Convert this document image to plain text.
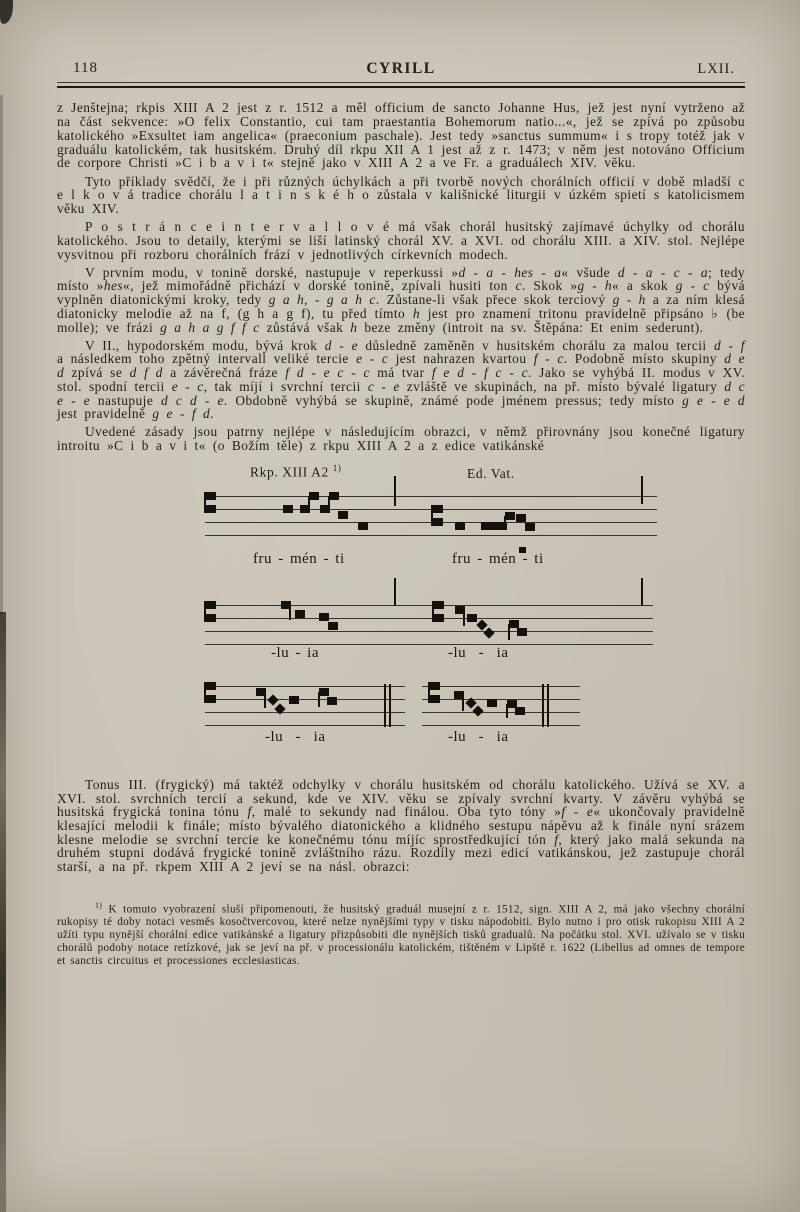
118	CYRILL	LXII.

z Jenštejna; rkpis XIII A 2 jest z r. 1512 a měl officium de sancto Johanne Hus, jež jest nyní vytrženo až na část sekvence: »O felix Constantio, cui tam praestantia Bohemorum natio...«, jež se zpívá po způsobu katolického »Exsultet iam angelica« (praeconium paschale). Jest tedy »sanctus summum« i s tropy totéž jak v graduálu katolickém, tak husitském. Druhý díl rkpu XII A 1 jest až z r. 1473; v něm jest notováno Officium de corpore Christi »C i b a v i t« stejně jako v XIII A 2 a ve Fr. a graduálech XIV. věku.

Tyto příklady svědčí, že i při různých úchylkách a při tvorbě nových chorálních officií v době mladší c e l k o v á tradice chorálu l a t i n s k é h o zůstala v kališnické liturgii v úzkém spietí s katolicismem věku XIV.

P o s t r á n c e i n t e r v a l l o v é má však chorál husitský zajímavé úchylky od chorálu katolického. Jsou to detaily, kterými se liší latinský chorál XV. a XVI. od chorálu XIII. a XIV. stol. Nejlépe vysvitnou při rozboru chorálních frází v jednotlivých církevních modech.

V prvním modu, v tonině dorské, nastupuje v reperkussi »d - a - hes - a« všude d - a - c - a; tedy místo »hes«, jež mimořádně přichází v dorské tonině, zpívali husiti ton c. Skok »g - h« a skok g - c bývá vyplněn diatonickými kroky, tedy g a h, - g a h c. Zůstane-li však přece skok terciový g - h a za ním klesá diatonicky melodie až na f, (g h a g f), tu před tímto h jest pro znamení tritonu pravidelně připsáno ♭ (be molle); ve frázi g a h a g f f c zůstává však h beze změny (introit na sv. Štěpána: Et enim sederunt).

V II., hypodorském modu, bývá krok d - e důsledně zaměněn v husitském chorálu za malou tercii d - f a následkem toho zpětný intervall veliké tercie e - c jest nahrazen kvartou f - c. Podobně místo skupiny d e d zpívá se d f d a závěrečná fráze f d - e c - c má tvar f e d - f c - c. Jako se vyhýbá II. modus v XV. stol. spodní tercii e - c, tak míjí i svrchní tercii c - e zvláště ve skupinách, na př. místo bývalé ligatury d c e - e nastupuje d c d - e. Obdobně vyhýbá se skupině, známé pode jménem pressus; tedy místo g e - e d jest pravidelně g e - f d.

Uvedené zásady jsou patrny nejlépe v následujícím obrazci, v němž přirovnány jsou konečné ligatury introitu »C i b a v i t« (o Božím těle) z rkpu XIII A 2 a z edice vatikánské

Rkp. XIII A2 $^{1)}$	Ed. Vat.
fru - mén - ti	fru - mén - ti
-lu - ia	-lu  -  ia
-lu  -  ia	-lu  -  ia

Tonus III. (frygický) má taktéž odchylky v chorálu husitském od chorálu katolického. Užívá se XV. a XVI. stol. svrchních tercií a sekund, kde ve XIV. věku se zpívaly svrchní kvarty. V závěru vyhýbá se husitská frygická tonina tónu f, malé to sekundy nad finálou. Oba tyto tóny »f - e« ukončovaly pravidelně klesající melodii k finále; místo bývalého diatonického a klidného sestupu nápěvu až k finále nyní srázem klesne melodie se svrchní tercie ke konečnému tónu míjíc sprostředkující tón f, který jako malá sekunda na druhém stupni dodává frygické tonině zvláštního rázu. Rozdíly mezi edicí vatikánskou, jež zastupuje chorál starší, a na př. rkpem XIII A 2 jeví se na násl. obrazci:

$^{1)}$ K tomuto vyobrazení sluší připomenouti, že husitský graduál musejní z r. 1512, sign. XIII A 2, má jako všechny chorální rukopisy té doby notaci vesměs kosočtvercovou, které nelze nynějšími typy v tisku nápodobiti. Bylo nutno i pro otisk rukopisu XIII A 2 užíti typu nynější chorální edice vatikánské a ligatury přizpůsobiti dle nynějších tisků gradualů. Na počátku stol. XVI. užívalo se v tisku chorálů podoby notace retízkové, jak se jeví na př. v processionálu katolickém, tištěném v Lipště r. 1622 (Libellus ad omnes de tempore et sanctis circuitus et processiones ecclesiasticas.
